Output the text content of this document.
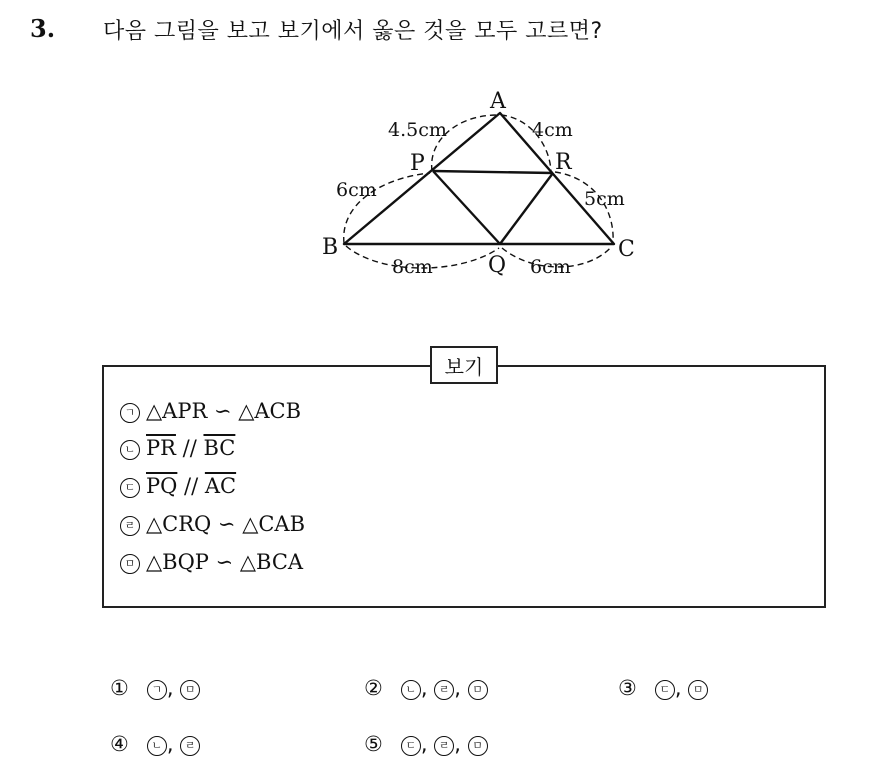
3. 다음 그림을 보고 보기에서 옳은 것을 모두 고르면?
A
P	R
B
Q
C
4.5cm	4cm
6cm	5cm
8cm	6cm
보기
ㄱ △APR ∽ △ACB
ㄴ $\overline{PR} // \overline{BC}$
ㄷ $\overline{PQ} // \overline{AC}$
ㄹ △CRQ ∽ △CAB
ㅁ △BQP ∽ △BCA
① ㄱ , ㅁ	② ㄴ , ㄹ , ㅁ	③ ㄷ , ㅁ
④ ㄴ , ㄹ	⑤ ㄷ , ㄹ , ㅁ
